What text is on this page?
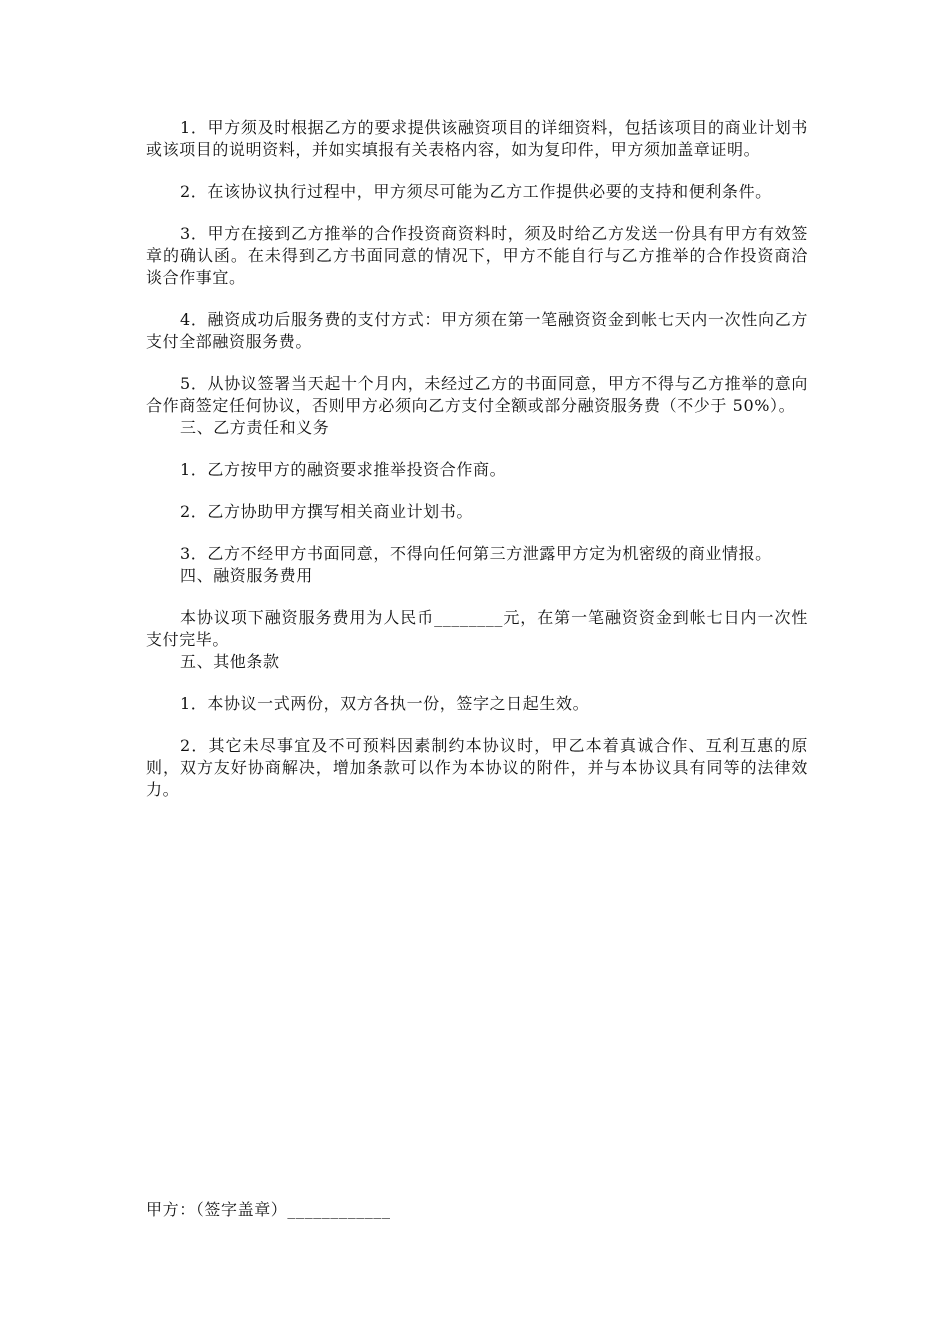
1．甲方须及时根据乙方的要求提供该融资项目的详细资料，包括该项目的商业计划书或该项目的说明资料，并如实填报有关表格内容，如为复印件，甲方须加盖章证明。

2．在该协议执行过程中，甲方须尽可能为乙方工作提供必要的支持和便利条件。

3．甲方在接到乙方推举的合作投资商资料时，须及时给乙方发送一份具有甲方有效签章的确认函。在未得到乙方书面同意的情况下，甲方不能自行与乙方推举的合作投资商洽谈合作事宜。

4．融资成功后服务费的支付方式：甲方须在第一笔融资资金到帐七天内一次性向乙方支付全部融资服务费。

5．从协议签署当天起十个月内，未经过乙方的书面同意，甲方不得与乙方推举的意向合作商签定任何协议，否则甲方必须向乙方支付全额或部分融资服务费（不少于 50%）。

三、乙方责任和义务

1．乙方按甲方的融资要求推举投资合作商。

2．乙方协助甲方撰写相关商业计划书。

3．乙方不经甲方书面同意，不得向任何第三方泄露甲方定为机密级的商业情报。

四、融资服务费用

本协议项下融资服务费用为人民币________元，在第一笔融资资金到帐七日内一次性支付完毕。

五、其他条款

1．本协议一式两份，双方各执一份，签字之日起生效。

2．其它未尽事宜及不可预料因素制约本协议时，甲乙本着真诚合作、互利互惠的原则，双方友好协商解决，增加条款可以作为本协议的附件，并与本协议具有同等的法律效力。

甲方：（签字盖章）____________
